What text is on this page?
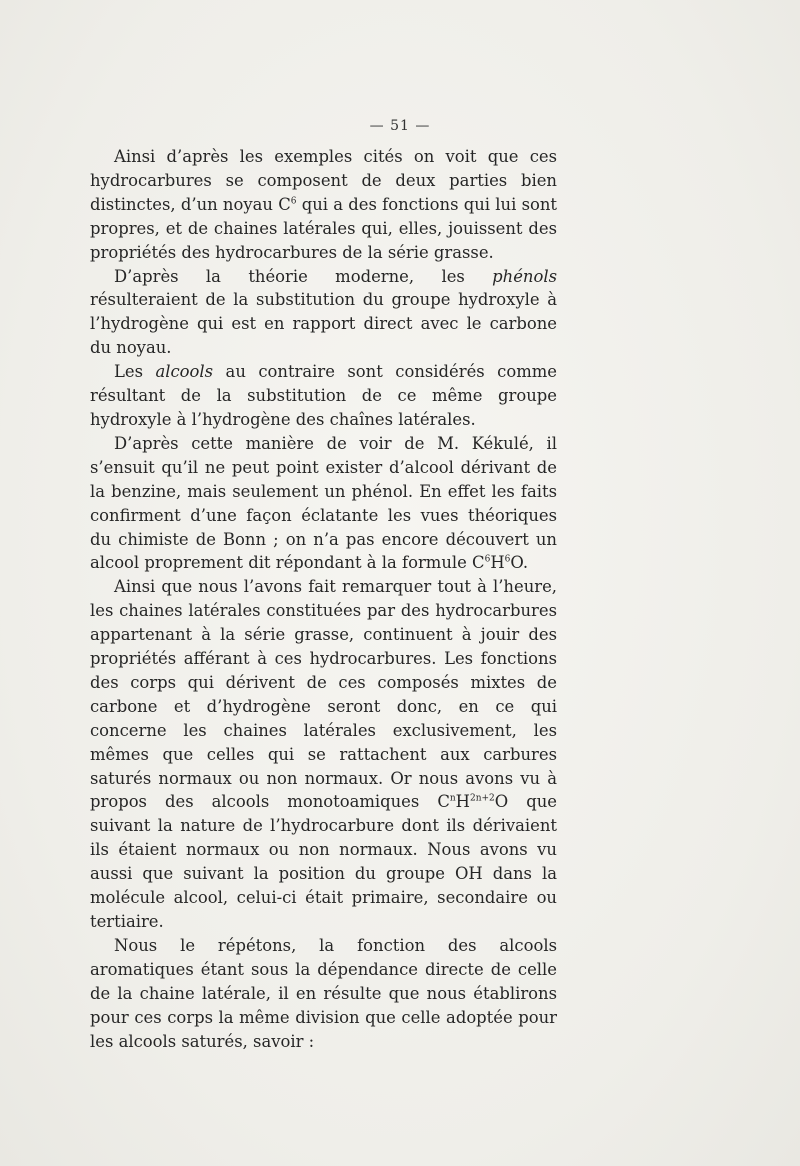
— 51 —

Ainsi d’après les exemples cités on voit que ces hydrocarbures se composent de deux parties bien distinctes, d’un noyau $C^6$ qui a des fonctions qui lui sont propres, et de chaines latérales qui, elles, jouissent des propriétés des hydrocarbures de la série grasse.

D’après la théorie moderne, les phénols résulteraient de la substitution du groupe hydroxyle à l’hydrogène qui est en rapport direct avec le carbone du noyau.

Les alcools au contraire sont considérés comme résultant de la substitution de ce même groupe hydroxyle à l’hydrogène des chaînes latérales.

D’après cette manière de voir de M. Kékulé, il s’ensuit qu’il ne peut point exister d’alcool dérivant de la benzine, mais seulement un phénol. En effet les faits confirment d’une façon éclatante les vues théoriques du chimiste de Bonn ; on n’a pas encore découvert un alcool proprement dit répondant à la formule $C^6H^6O$.

Ainsi que nous l’avons fait remarquer tout à l’heure, les chaines latérales constituées par des hydrocarbures appartenant à la série grasse, continuent à jouir des propriétés afférant à ces hydrocarbures. Les fonctions des corps qui dérivent de ces composés mixtes de carbone et d’hydrogène seront donc, en ce qui concerne les chaines latérales exclusivement, les mêmes que celles qui se rattachent aux carbures saturés normaux ou non normaux. Or nous avons vu à propos des alcools monotoamiques $C^nH^{2n+2}O$ que suivant la nature de l’hydrocarbure dont ils dérivaient ils étaient normaux ou non normaux. Nous avons vu aussi que suivant la position du groupe OH dans la molécule alcool, celui-ci était primaire, secondaire ou tertiaire.

Nous le répétons, la fonction des alcools aromatiques étant sous la dépendance directe de celle de la chaine latérale, il en résulte que nous établirons pour ces corps la même division que celle adoptée pour les alcools saturés, savoir :
